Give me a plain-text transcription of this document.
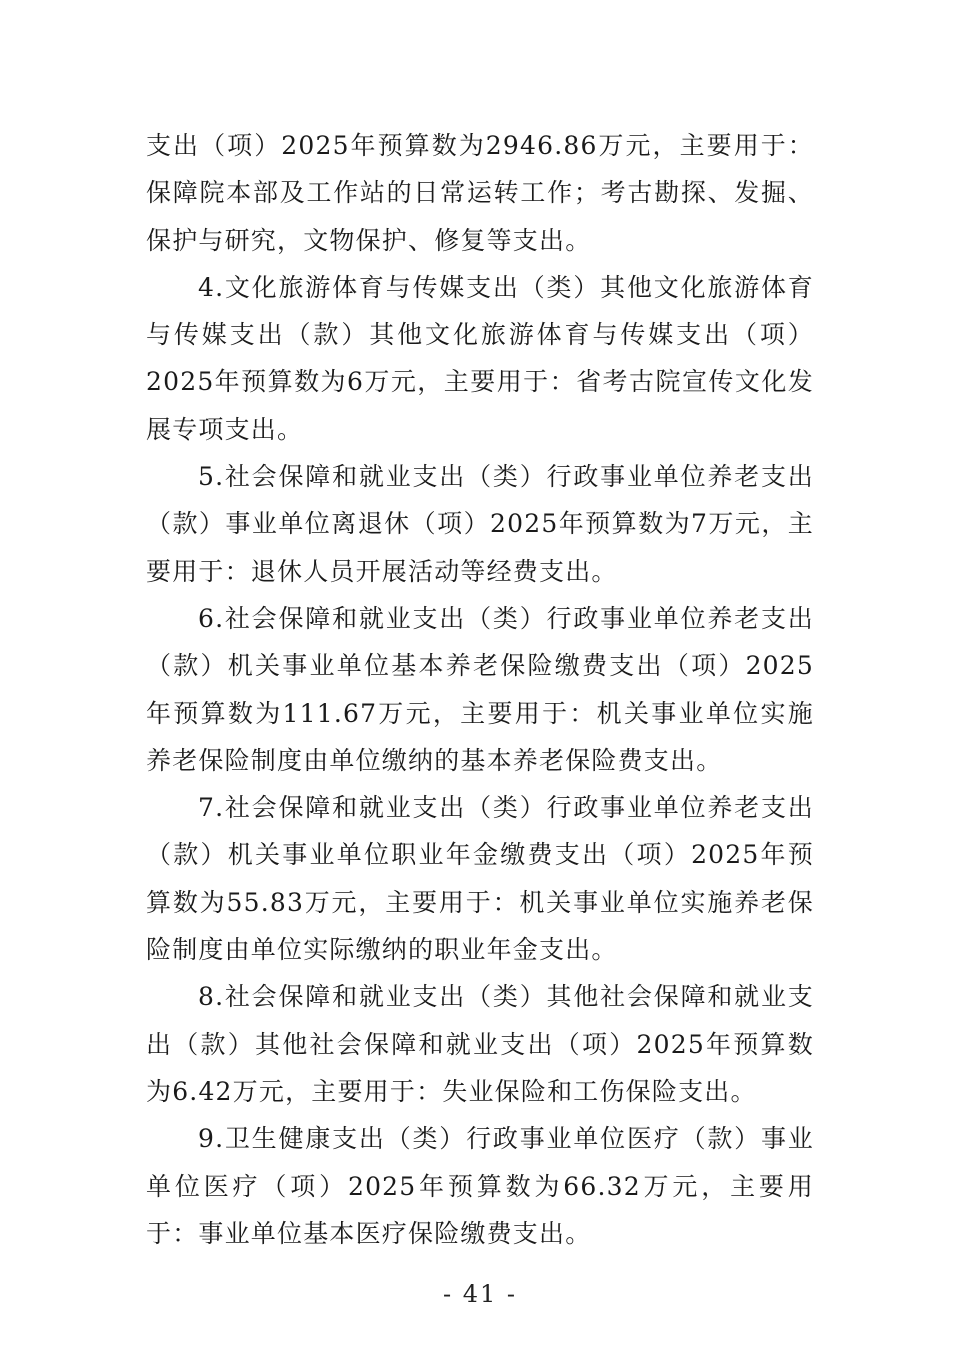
支出（项）2025年预算数为2946.86万元，主要用于：保障院本部及工作站的日常运转工作；考古勘探、发掘、保护与研究，文物保护、修复等支出。

4.文化旅游体育与传媒支出（类）其他文化旅游体育与传媒支出（款）其他文化旅游体育与传媒支出（项）2025年预算数为6万元，主要用于：省考古院宣传文化发展专项支出。

5.社会保障和就业支出（类）行政事业单位养老支出（款）事业单位离退休（项）2025年预算数为7万元，主要用于：退休人员开展活动等经费支出。

6.社会保障和就业支出（类）行政事业单位养老支出（款）机关事业单位基本养老保险缴费支出（项）2025年预算数为111.67万元，主要用于：机关事业单位实施养老保险制度由单位缴纳的基本养老保险费支出。

7.社会保障和就业支出（类）行政事业单位养老支出（款）机关事业单位职业年金缴费支出（项）2025年预算数为55.83万元，主要用于：机关事业单位实施养老保险制度由单位实际缴纳的职业年金支出。

8.社会保障和就业支出（类）其他社会保障和就业支出（款）其他社会保障和就业支出（项）2025年预算数为6.42万元，主要用于：失业保险和工伤保险支出。

9.卫生健康支出（类）行政事业单位医疗（款）事业单位医疗（项）2025年预算数为66.32万元，主要用于：事业单位基本医疗保险缴费支出。

- 41 -
